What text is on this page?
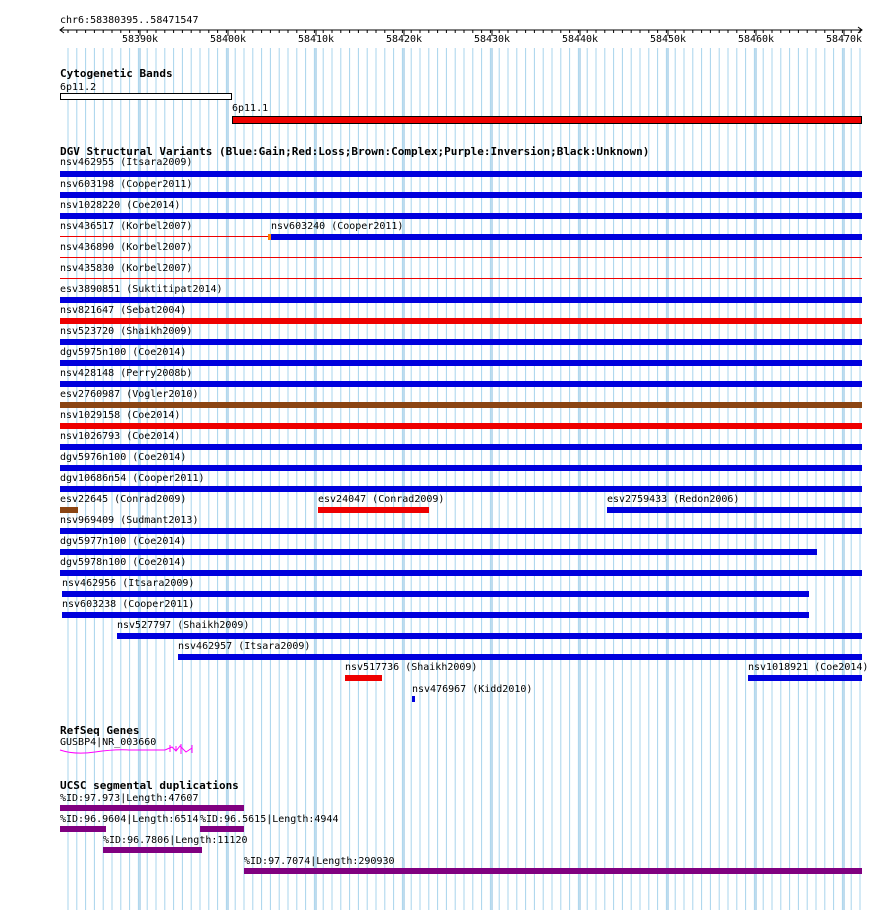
chr6:58380395..58471547
58390k	58400k	58410k	58420k	58430k	58440k	58450k	58460k	58470k
Cytogenetic Bands
6p11.2
6p11.1
DGV Structural Variants (Blue:Gain;Red:Loss;Brown:Complex;Purple:Inversion;Black:Unknown)
nsv462955 (Itsara2009)
nsv603198 (Cooper2011)
nsv1028220 (Coe2014)
nsv436517 (Korbel2007)	nsv603240 (Cooper2011)
nsv436890 (Korbel2007)
nsv435830 (Korbel2007)
esv3890851 (Suktitipat2014)
nsv821647 (Sebat2004)
nsv523720 (Shaikh2009)
dgv5975n100 (Coe2014)
nsv428148 (Perry2008b)
esv2760987 (Vogler2010)
nsv1029158 (Coe2014)
nsv1026793 (Coe2014)
dgv5976n100 (Coe2014)
dgv10686n54 (Cooper2011)
esv22645 (Conrad2009)	esv24047 (Conrad2009)	esv2759433 (Redon2006)
nsv969409 (Sudmant2013)
dgv5977n100 (Coe2014)
dgv5978n100 (Coe2014)
nsv462956 (Itsara2009)
nsv603238 (Cooper2011)
nsv527797 (Shaikh2009)
nsv462957 (Itsara2009)
nsv517736 (Shaikh2009)	nsv1018921 (Coe2014)
nsv476967 (Kidd2010)
RefSeq Genes
GUSBP4|NR_003660
UCSC segmental duplications
%ID:97.973|Length:47607
%ID:96.9604|Length:6514 %ID:96.5615|Length:4944
%ID:96.7806|Length:11120
%ID:97.7074|Length:290930
